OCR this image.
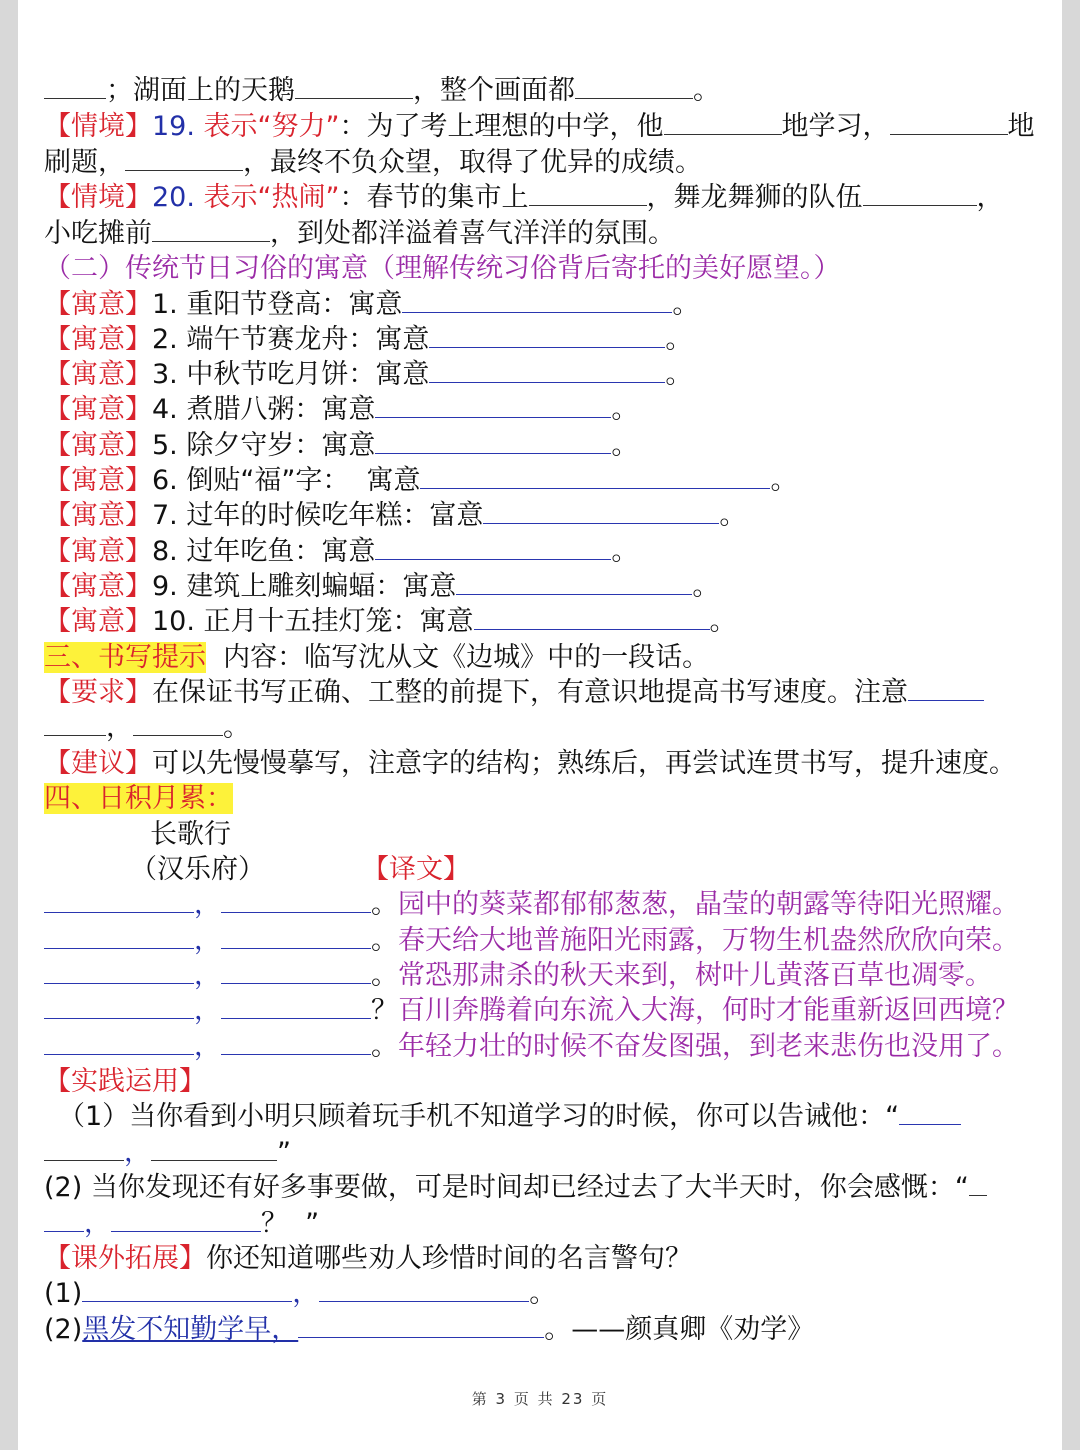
；湖面上的天鹅	，整个画面都	。
【情境】19. 表示“努力”：为了考上理想的中学，他	地学习，	地
刷题，	，最终不负众望，取得了优异的成绩。
【情境】20. 表示“热闹”：春节的集市上	，舞龙舞狮的队伍	，
小吃摊前	，到处都洋溢着喜气洋洋的氛围。
（二）传统节日习俗的寓意（理解传统习俗背后寄托的美好愿望。）
【寓意】1. 重阳节登高：寓意	。
【寓意】2. 端午节赛龙舟：寓意	。
【寓意】3. 中秋节吃月饼：寓意	。
【寓意】4. 煮腊八粥：寓意	。
【寓意】5. 除夕守岁：寓意	。
【寓意】6. 倒贴“福”字：  寓意	。
【寓意】7. 过年的时候吃年糕：富意	。
【寓意】8. 过年吃鱼：寓意	。
【寓意】9. 建筑上雕刻蝙蝠：寓意	。
【寓意】10. 正月十五挂灯笼：寓意	。
三、书写提示 内容：临写沈从文《边城》中的一段话。
【要求】在保证书写正确、工整的前提下，有意识地提高书写速度。注意
，	。
【建议】可以先慢慢摹写，注意字的结构；熟练后，再尝试连贯书写，提升速度。
四、日积月累：
长歌行
（汉乐府）	【译文】
，	。园中的葵菜都郁郁葱葱，晶莹的朝露等待阳光照耀。
，	。春天给大地普施阳光雨露，万物生机盎然欣欣向荣。
，	。常恐那肃杀的秋天来到，树叶儿黄落百草也凋零。
，	？百川奔腾着向东流入大海，何时才能重新返回西境？
，	。年轻力壮的时候不奋发图强，到老来悲伤也没用了。
【实践运用】
（1）当你看到小明只顾着玩手机不知道学习的时候，你可以告诫他：“
，	”
(2) 当你发现还有好多事要做，可是时间却已经过去了大半天时，你会感慨：“
，	？  ”
【课外拓展】你还知道哪些劝人珍惜时间的名言警句？
(1)	，	。
(2)黑发不知勤学早，	。——颜真卿《劝学》
第 3 页 共 23 页
